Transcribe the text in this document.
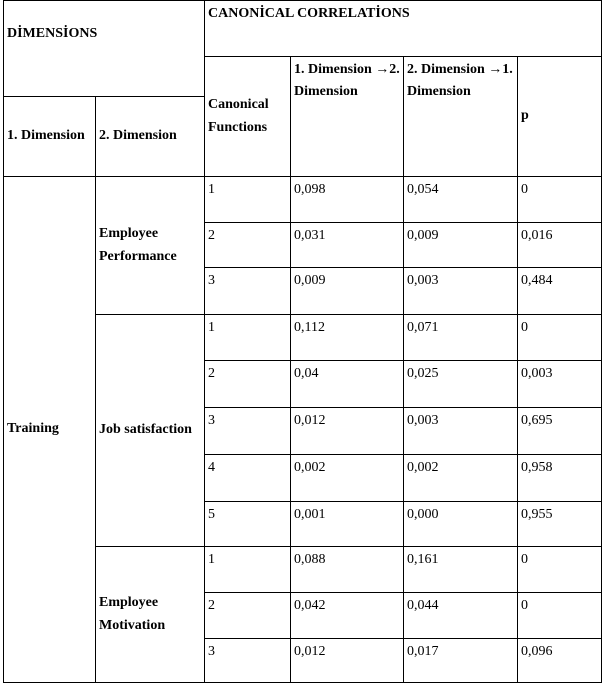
DİMENSİONS		CANONİCAL CORRELATİONS			
		Canonical Functions	1. Dimension →2. Dimension	2. Dimension →1. Dimension	p
1. Dimension	2. Dimension				
Training	Employee Performance	1	0,098	0,054	0
		2	0,031	0,009	0,016
		3	0,009	0,003	0,484
	Job satisfaction	1	0,112	0,071	0
		2	0,04	0,025	0,003
		3	0,012	0,003	0,695
		4	0,002	0,002	0,958
		5	0,001	0,000	0,955
	Employee Motivation	1	0,088	0,161	0
		2	0,042	0,044	0
		3	0,012	0,017	0,096
